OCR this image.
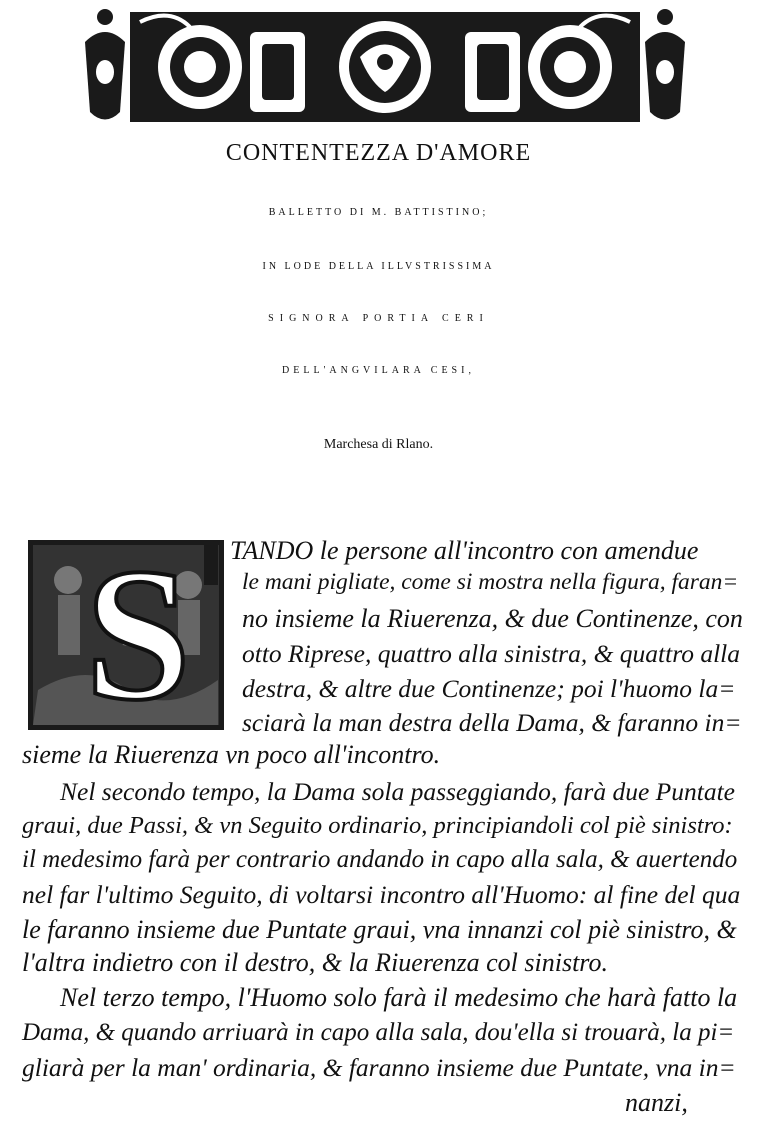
CONTENTEZZA D'AMORE
BALLETTO DI M. BATTISTINO;
IN LODE DELLA ILLVSTRISSIMA
SIGNORA PORTIA CERI
DELL'ANGVILARA CESI,
Marchesa di Rlano.
S	TANDO le persone all'incontro con amendue

le mani pigliate, come si mostra nella figura, faran=

no insieme la Riuerenza, & due Continenze, con

otto Riprese, quattro alla sinistra, & quattro alla

destra, & altre due Continenze; poi l'huomo la=

sciarà la man destra della Dama, & faranno in=

sieme la Riuerenza vn poco all'incontro.

Nel secondo tempo, la Dama sola passeggiando, farà due Puntate

graui, due Passi, & vn Seguito ordinario, principiandoli col piè sinistro:

il medesimo farà per contrario andando in capo alla sala, & auertendo

nel far l'ultimo Seguito, di voltarsi incontro all'Huomo: al fine del qua

le faranno insieme due Puntate graui, vna innanzi col piè sinistro, &

l'altra indietro con il destro, & la Riuerenza col sinistro.

Nel terzo tempo, l'Huomo solo farà il medesimo che harà fatto la

Dama, & quando arriuarà in capo alla sala, dou'ella si trouarà, la pi=

gliarà per la man' ordinaria, & faranno insieme due Puntate, vna in=

nanzi,
